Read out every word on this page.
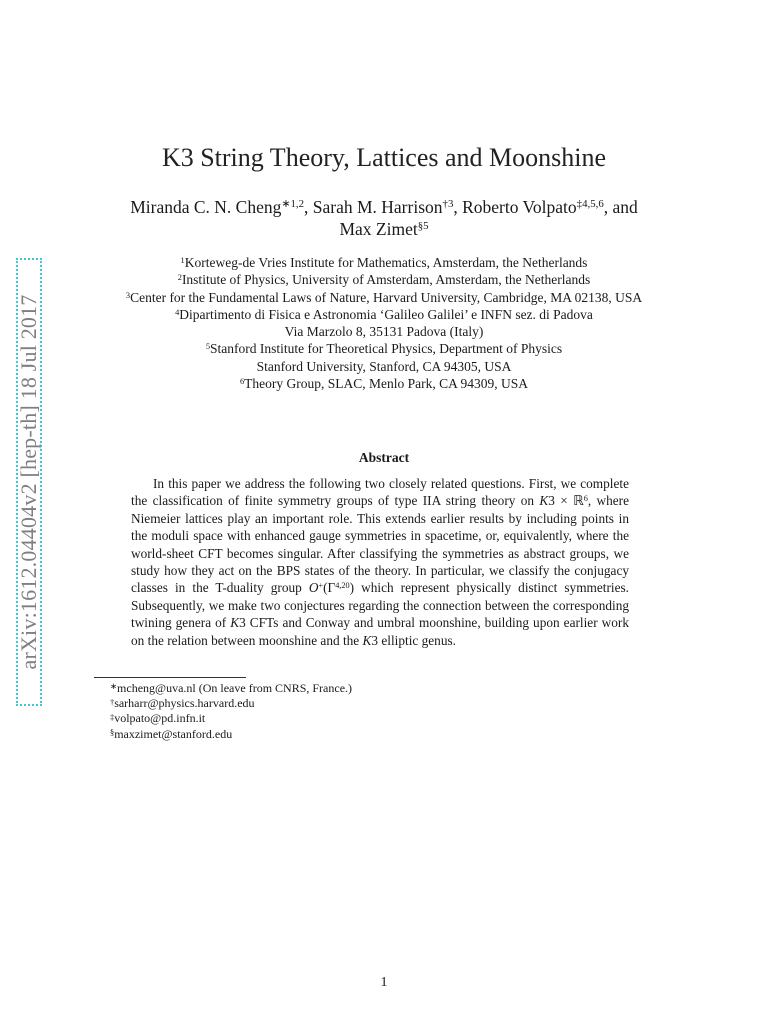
arXiv:1612.04404v2 [hep-th] 18 Jul 2017
K3 String Theory, Lattices and Moonshine
Miranda C. N. Cheng$^{∗1,2}$, Sarah M. Harrison$^{\dagger 3}$, Roberto Volpato$^{\ddagger 4,5,6}$, and
Max Zimet$^{\S 5}$
$^1$Korteweg-de Vries Institute for Mathematics, Amsterdam, the Netherlands
$^2$Institute of Physics, University of Amsterdam, Amsterdam, the Netherlands
$^3$Center for the Fundamental Laws of Nature, Harvard University, Cambridge, MA 02138, USA
$^4$Dipartimento di Fisica e Astronomia ‘Galileo Galilei’ e INFN sez. di Padova
Via Marzolo 8, 35131 Padova (Italy)
$^5$Stanford Institute for Theoretical Physics, Department of Physics
Stanford University, Stanford, CA 94305, USA
$^6$Theory Group, SLAC, Menlo Park, CA 94309, USA
Abstract
In this paper we address the following two closely related questions. First, we complete the classification of finite symmetry groups of type IIA string theory on K3 × ℝ$^6$, where Niemeier lattices play an important role. This extends earlier results by including points in the moduli space with enhanced gauge symmetries in spacetime, or, equivalently, where the world-sheet CFT becomes singular. After classifying the symmetries as abstract groups, we study how they act on the BPS states of the theory. In particular, we classify the conjugacy classes in the T-duality group $O^+(\Gamma^{4,20})$ which represent physically distinct symmetries. Subsequently, we make two conjectures regarding the connection between the corresponding twining genera of K3 CFTs and Conway and umbral moonshine, building upon earlier work on the relation between moonshine and the K3 elliptic genus.
∗mcheng@uva.nl (On leave from CNRS, France.)
†sarharr@physics.harvard.edu
‡volpato@pd.infn.it
§maxzimet@stanford.edu
1
